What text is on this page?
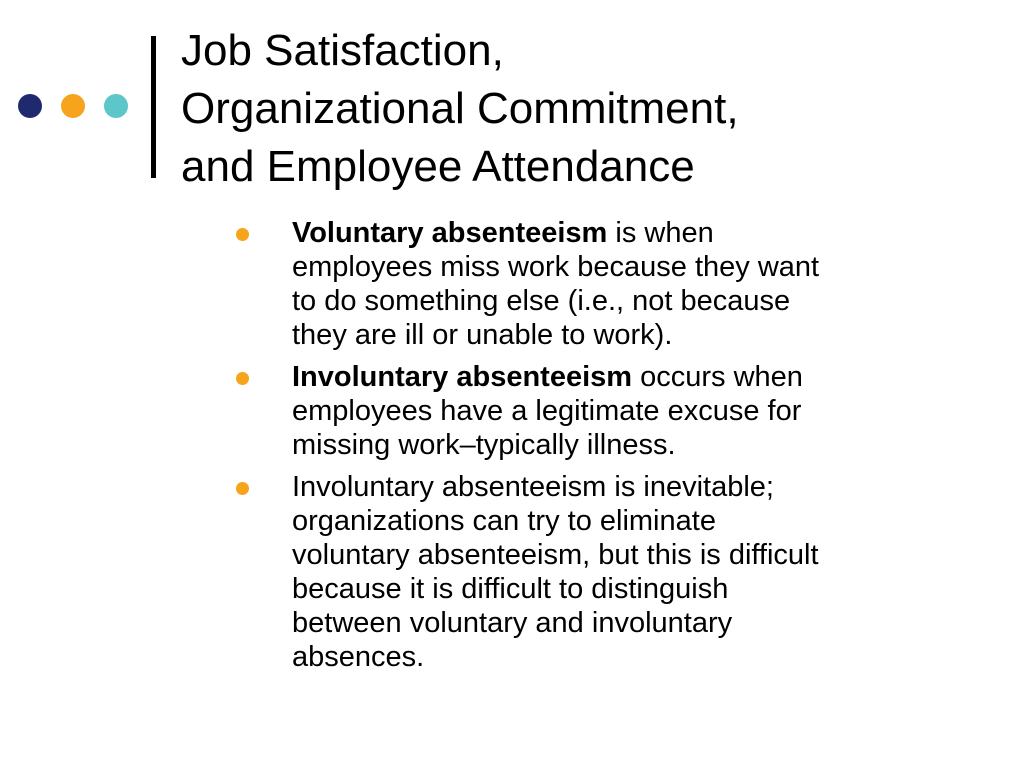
Job Satisfaction,
Organizational Commitment,
and Employee Attendance
Voluntary absenteeism is when
employees miss work because they want
to do something else (i.e., not because
they are ill or unable to work).
Involuntary absenteeism occurs when
employees have a legitimate excuse for
missing work–typically illness.
Involuntary absenteeism is inevitable;
organizations can try to eliminate
voluntary absenteeism, but this is difficult
because it is difficult to distinguish
between voluntary and involuntary
absences.
